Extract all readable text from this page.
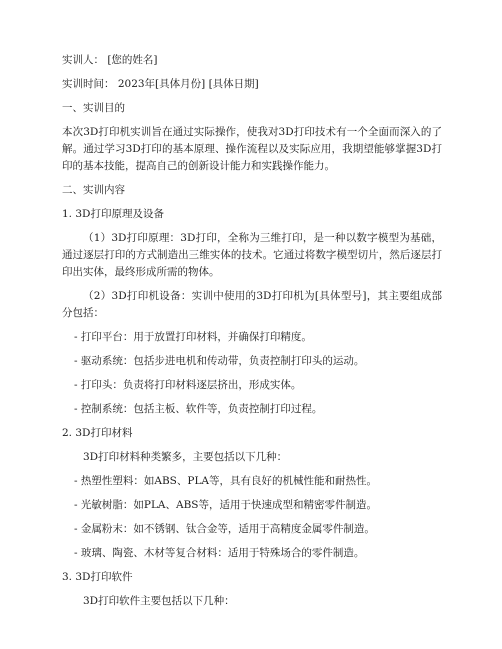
实训人： [您的姓名]

实训时间： 2023年[具体月份] [具体日期]

一、实训目的

本次3D打印机实训旨在通过实际操作，使我对3D打印技术有一个全面而深入的了解。通过学习3D打印的基本原理、操作流程以及实际应用，我期望能够掌握3D打印的基本技能，提高自己的创新设计能力和实践操作能力。

二、实训内容

1. 3D打印原理及设备

（1）3D打印原理：3D打印，全称为三维打印，是一种以数字模型为基础，通过逐层打印的方式制造出三维实体的技术。它通过将数字模型切片，然后逐层打印出实体，最终形成所需的物体。

（2）3D打印机设备：实训中使用的3D打印机为[具体型号]，其主要组成部分包括：

- 打印平台：用于放置打印材料，并确保打印精度。

- 驱动系统：包括步进电机和传动带，负责控制打印头的运动。

- 打印头：负责将打印材料逐层挤出，形成实体。

- 控制系统：包括主板、软件等，负责控制打印过程。

2. 3D打印材料

3D打印材料种类繁多，主要包括以下几种：

- 热塑性塑料：如ABS、PLA等，具有良好的机械性能和耐热性。

- 光敏树脂：如PLA、ABS等，适用于快速成型和精密零件制造。

- 金属粉末：如不锈钢、钛合金等，适用于高精度金属零件制造。

- 玻璃、陶瓷、木材等复合材料：适用于特殊场合的零件制造。

3. 3D打印软件

3D打印软件主要包括以下几种：
